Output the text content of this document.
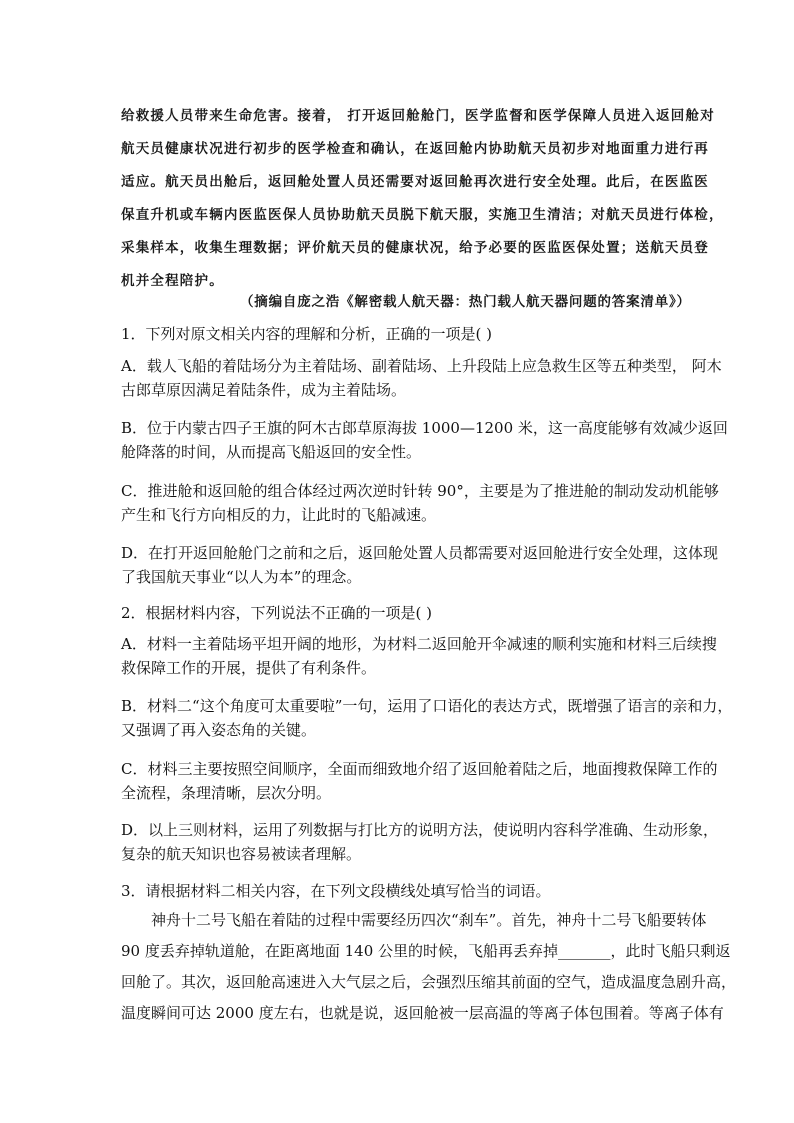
给救援人员带来生命危害。接着， 打开返回舱舱门，医学监督和医学保障人员进入返回舱对
航天员健康状况进行初步的医学检查和确认，在返回舱内协助航天员初步对地面重力进行再
适应。航天员出舱后，返回舱处置人员还需要对返回舱再次进行安全处理。此后，在医监医
保直升机或车辆内医监医保人员协助航天员脱下航天服，实施卫生清洁；对航天员进行体检，
采集样本，收集生理数据；评价航天员的健康状况，给予必要的医监医保处置；送航天员登
机并全程陪护。
（摘编自庞之浩《解密载人航天器：热门载人航天器问题的答案清单》）
1．下列对原文相关内容的理解和分析，正确的一项是( )
A．载人飞船的着陆场分为主着陆场、副着陆场、上升段陆上应急救生区等五种类型， 阿木
古郎草原因满足着陆条件，成为主着陆场。
B．位于内蒙古四子王旗的阿木古郎草原海拔 1000—1200 米，这一高度能够有效减少返回
舱降落的时间，从而提高飞船返回的安全性。
C．推进舱和返回舱的组合体经过两次逆时针转 90°，主要是为了推进舱的制动发动机能够
产生和飞行方向相反的力，让此时的飞船减速。
D．在打开返回舱舱门之前和之后，返回舱处置人员都需要对返回舱进行安全处理，这体现
了我国航天事业“以人为本”的理念。
2．根据材料内容，下列说法不正确的一项是( )
A．材料一主着陆场平坦开阔的地形，为材料二返回舱开伞减速的顺利实施和材料三后续搜
救保障工作的开展，提供了有利条件。
B．材料二“这个角度可太重要啦”一句，运用了口语化的表达方式，既增强了语言的亲和力，
又强调了再入姿态角的关键。
C．材料三主要按照空间顺序，全面而细致地介绍了返回舱着陆之后，地面搜救保障工作的
全流程，条理清晰，层次分明。
D．以上三则材料，运用了列数据与打比方的说明方法，使说明内容科学准确、生动形象，
复杂的航天知识也容易被读者理解。
3．请根据材料二相关内容，在下列文段横线处填写恰当的词语。
神舟十二号飞船在着陆的过程中需要经历四次“刹车”。首先，神舟十二号飞船要转体
90 度丢弃掉轨道舱，在距离地面 140 公里的时候，飞船再丢弃掉_______，此时飞船只剩返
回舱了。其次，返回舱高速进入大气层之后，会强烈压缩其前面的空气，造成温度急剧升高，
温度瞬间可达 2000 度左右，也就是说，返回舱被一层高温的等离子体包围着。等离子体有
